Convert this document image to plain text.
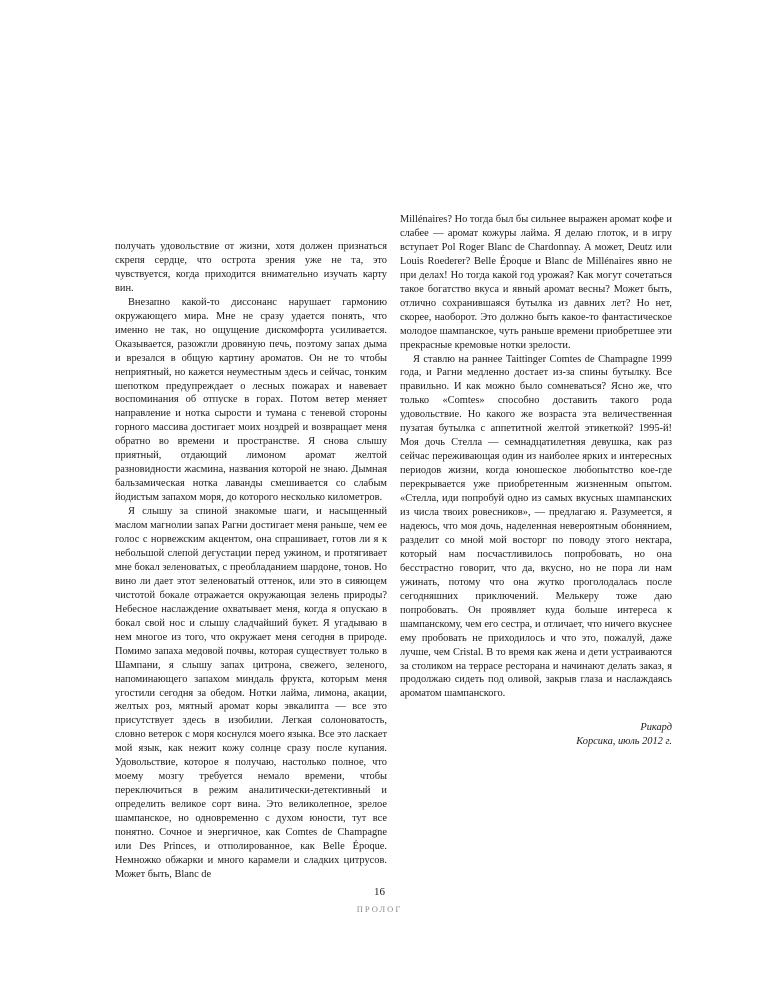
получать удовольствие от жизни, хотя должен признаться скрепя сердце, что острота зрения уже не та, это чувствуется, когда приходится внимательно изучать карту вин.

Внезапно какой-то диссонанс нарушает гармонию окружающего мира. Мне не сразу удается понять, что именно не так, но ощущение дискомфорта усиливается. Оказывается, разожгли дровяную печь, поэтому запах дыма и врезался в общую картину ароматов. Он не то чтобы неприятный, но кажется неуместным здесь и сейчас, тонким шепотком предупреждает о лесных пожарах и навевает воспоминания об отпуске в горах. Потом ветер меняет направление и нотка сырости и тумана с теневой стороны горного массива достигает моих ноздрей и возвращает меня обратно во времени и пространстве. Я снова слышу приятный, отдающий лимоном аромат желтой разновидности жасмина, названия которой не знаю. Дымная бальзамическая нотка лаванды смешивается со слабым йодистым запахом моря, до которого несколько километров.

Я слышу за спиной знакомые шаги, и насыщенный маслом магнолии запах Рагни достигает меня раньше, чем ее голос с норвежским акцентом, она спрашивает, готов ли я к небольшой слепой дегустации перед ужином, и протягивает мне бокал зеленоватых, с преобладанием шардоне, тонов. Но вино ли дает этот зеленоватый оттенок, или это в сияющем чистотой бокале отражается окружающая зелень природы? Небесное наслаждение охватывает меня, когда я опускаю в бокал свой нос и слышу сладчайший букет. Я угадываю в нем многое из того, что окружает меня сегодня в природе. Помимо запаха медовой почвы, которая существует только в Шампани, я слышу запах цитрона, свежего, зеленого, напоминающего запахом миндаль фрукта, которым меня угостили сегодня за обедом. Нотки лайма, лимона, акации, желтых роз, мятный аромат коры эвкалипта — все это присутствует здесь в изобилии. Легкая солоноватость, словно ветерок с моря коснулся моего языка. Все это ласкает мой язык, как нежит кожу солнце сразу после купания. Удовольствие, которое я получаю, настолько полное, что моему мозгу требуется немало времени, чтобы переключиться в режим аналитически-детективный и определить великое сорт вина. Это великолепное, зрелое шампанское, но одновременно с духом юности, тут все понятно. Сочное и энергичное, как Comtes de Champagne или Des Princes, и отполированное, как Belle Époque. Немножко обжарки и много карамели и сладких цитрусов. Может быть, Blanc de

Millénaires? Но тогда был бы сильнее выражен аромат кофе и слабее — аромат кожуры лайма. Я делаю глоток, и в игру вступает Pol Roger Blanc de Chardonnay. А может, Deutz или Louis Roederer? Belle Époque и Blanc de Millénaires явно не при делах! Но тогда какой год урожая? Как могут сочетаться такое богатство вкуса и явный аромат весны? Может быть, отлично сохранившаяся бутылка из давних лет? Но нет, скорее, наоборот. Это должно быть какое-то фантастическое молодое шампанское, чуть раньше времени приобретшее эти прекрасные кремовые нотки зрелости.

Я ставлю на раннее Taittinger Comtes de Champagne 1999 года, и Рагни медленно достает из-за спины бутылку. Все правильно. И как можно было сомневаться? Ясно же, что только «Comtes» способно доставить такого рода удовольствие. Но какого же возраста эта величественная пузатая бутылка с аппетитной желтой этикеткой? 1995-й! Моя дочь Стелла — семнадцатилетняя девушка, как раз сейчас переживающая один из наиболее ярких и интересных периодов жизни, когда юношеское любопытство кое-где перекрывается уже приобретенным жизненным опытом. «Стелла, иди попробуй одно из самых вкусных шампанских из числа твоих ровесников», — предлагаю я. Разумеется, я надеюсь, что моя дочь, наделенная невероятным обонянием, разделит со мной мой восторг по поводу этого нектара, который нам посчастливилось попробовать, но она бесстрастно говорит, что да, вкусно, но не пора ли нам ужинать, потому что она жутко проголодалась после сегодняшних приключений. Мелькеру тоже даю попробовать. Он проявляет куда больше интереса к шампанскому, чем его сестра, и отличает, что ничего вкуснее ему пробовать не приходилось и что это, пожалуй, даже лучше, чем Cristal. В то время как жена и дети устраиваются за столиком на террасе ресторана и начинают делать заказ, я продолжаю сидеть под оливой, закрыв глаза и наслаждаясь ароматом шампанского.

Рикард
Корсика, июль 2012 г.
16
ПРОЛОГ
